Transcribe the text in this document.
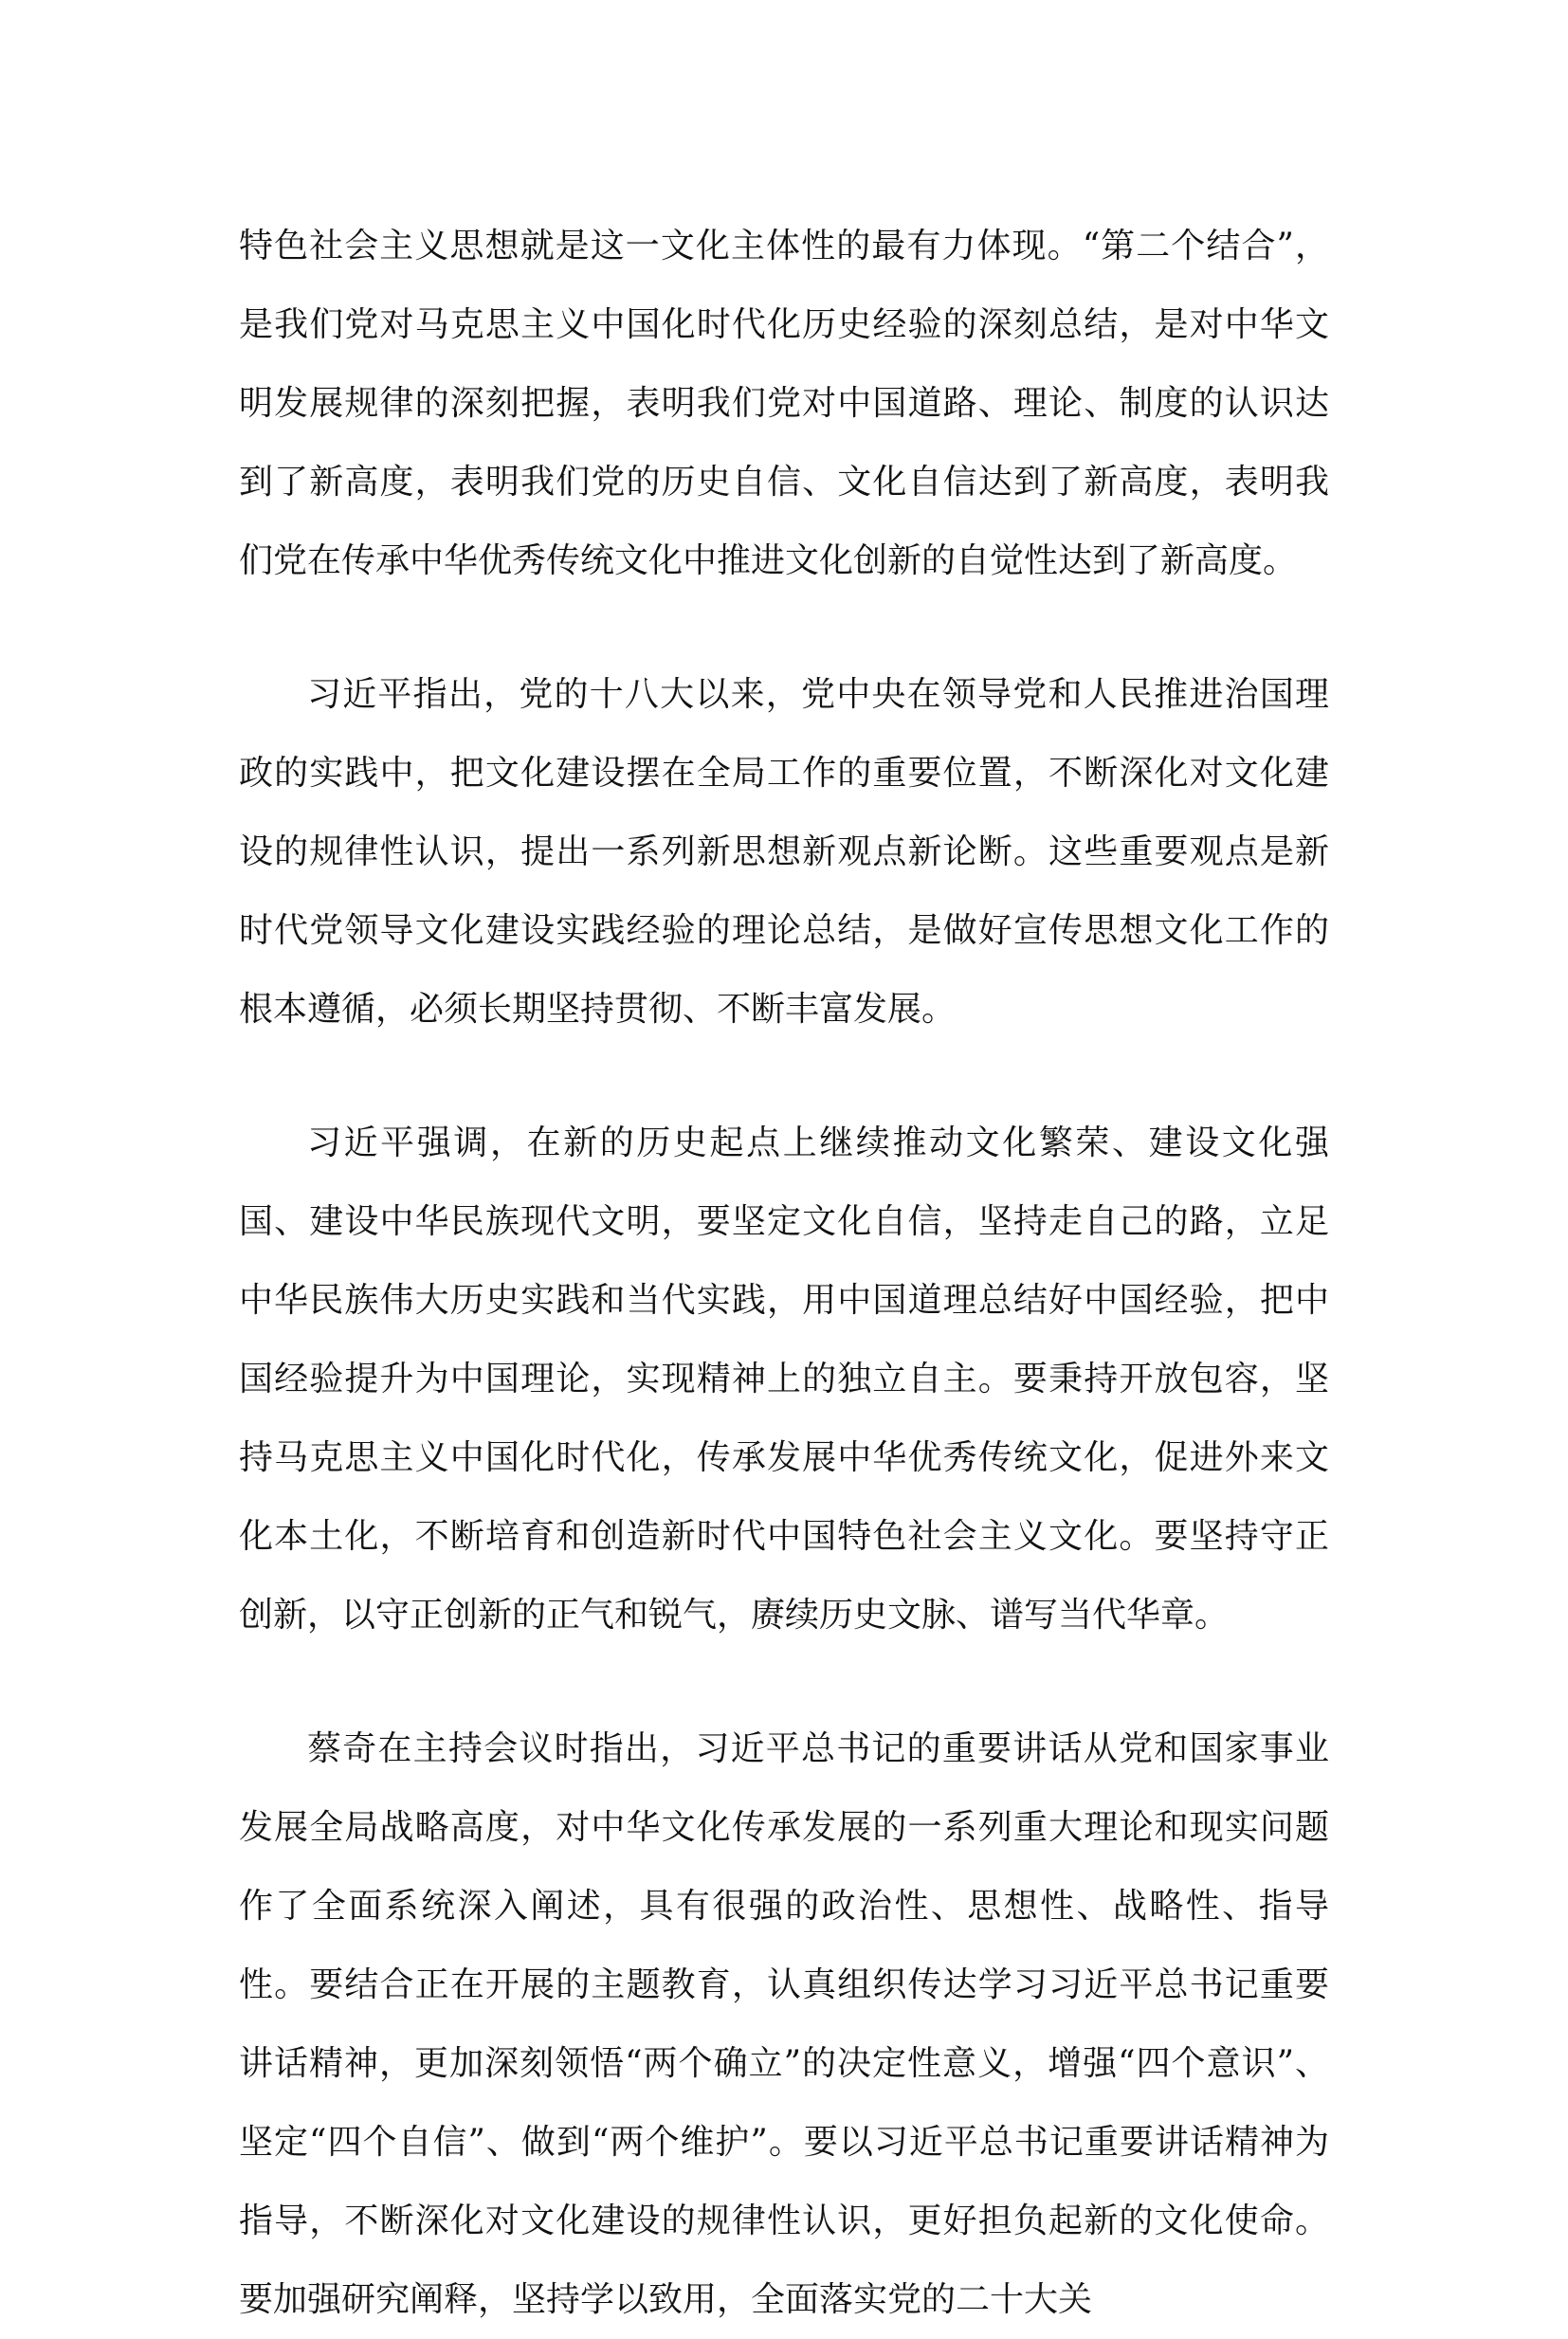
特色社会主义思想就是这一文化主体性的最有力体现。“第二个结合”，是我们党对马克思主义中国化时代化历史经验的深刻总结，是对中华文明发展规律的深刻把握，表明我们党对中国道路、理论、制度的认识达到了新高度，表明我们党的历史自信、文化自信达到了新高度，表明我们党在传承中华优秀传统文化中推进文化创新的自觉性达到了新高度。

习近平指出，党的十八大以来，党中央在领导党和人民推进治国理政的实践中，把文化建设摆在全局工作的重要位置，不断深化对文化建设的规律性认识，提出一系列新思想新观点新论断。这些重要观点是新时代党领导文化建设实践经验的理论总结，是做好宣传思想文化工作的根本遵循，必须长期坚持贯彻、不断丰富发展。

习近平强调，在新的历史起点上继续推动文化繁荣、建设文化强国、建设中华民族现代文明，要坚定文化自信，坚持走自己的路，立足中华民族伟大历史实践和当代实践，用中国道理总结好中国经验，把中国经验提升为中国理论，实现精神上的独立自主。要秉持开放包容，坚持马克思主义中国化时代化，传承发展中华优秀传统文化，促进外来文化本土化，不断培育和创造新时代中国特色社会主义文化。要坚持守正创新，以守正创新的正气和锐气，赓续历史文脉、谱写当代华章。

蔡奇在主持会议时指出，习近平总书记的重要讲话从党和国家事业发展全局战略高度，对中华文化传承发展的一系列重大理论和现实问题作了全面系统深入阐述，具有很强的政治性、思想性、战略性、指导性。要结合正在开展的主题教育，认真组织传达学习习近平总书记重要讲话精神，更加深刻领悟“两个确立”的决定性意义，增强“四个意识”、坚定“四个自信”、做到“两个维护”。要以习近平总书记重要讲话精神为指导，不断深化对文化建设的规律性认识，更好担负起新的文化使命。要加强研究阐释，坚持学以致用，全面落实党的二十大关
